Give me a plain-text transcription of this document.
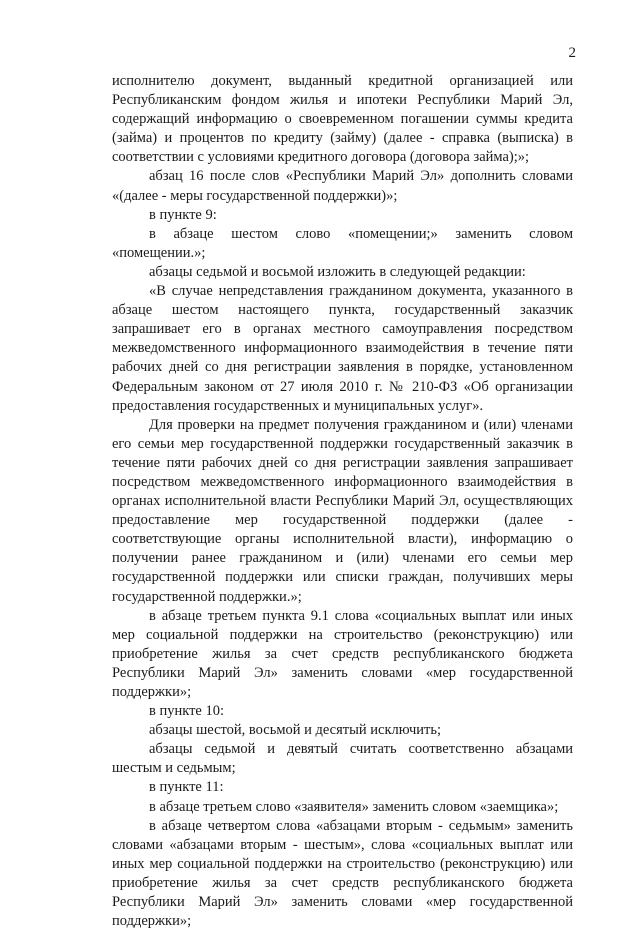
2

исполнителю документ, выданный кредитной организацией или Республиканским фондом жилья и ипотеки Республики Марий Эл, содержащий информацию о своевременном погашении суммы кредита (займа) и процентов по кредиту (займу) (далее - справка (выписка) в соответствии с условиями кредитного договора (договора займа);»;

абзац 16 после слов «Республики Марий Эл» дополнить словами «(далее - меры государственной поддержки)»;

в пункте 9:

в абзаце шестом слово «помещении;» заменить словом «помещении.»;

абзацы седьмой и восьмой изложить в следующей редакции:

«В случае непредставления гражданином документа, указанного в абзаце шестом настоящего пункта, государственный заказчик запрашивает его в органах местного самоуправления посредством межведомственного информационного взаимодействия в течение пяти рабочих дней со дня регистрации заявления в порядке, установленном Федеральным законом от 27 июля 2010 г. № 210-ФЗ «Об организации предоставления государственных и муниципальных услуг».

Для проверки на предмет получения гражданином и (или) членами его семьи мер государственной поддержки государственный заказчик в течение пяти рабочих дней со дня регистрации заявления запрашивает посредством межведомственного информационного взаимодействия в органах исполнительной власти Республики Марий Эл, осуществляющих предоставление мер государственной поддержки (далее - соответствующие органы исполнительной власти), информацию о получении ранее гражданином и (или) членами его семьи мер государственной поддержки или списки граждан, получивших меры государственной поддержки.»;

в абзаце третьем пункта 9.1 слова «социальных выплат или иных мер социальной поддержки на строительство (реконструкцию) или приобретение жилья за счет средств республиканского бюджета Республики Марий Эл» заменить словами «мер государственной поддержки»;

в пункте 10:

абзацы шестой, восьмой и десятый исключить;

абзацы седьмой и девятый считать соответственно абзацами шестым и седьмым;

в пункте 11:

в абзаце третьем слово «заявителя» заменить словом «заемщика»;

в абзаце четвертом слова «абзацами вторым - седьмым» заменить словами «абзацами вторым - шестым», слова «социальных выплат или иных мер социальной поддержки на строительство (реконструкцию) или приобретение жилья за счет средств республиканского бюджета Республики Марий Эл» заменить словами «мер государственной поддержки»;
